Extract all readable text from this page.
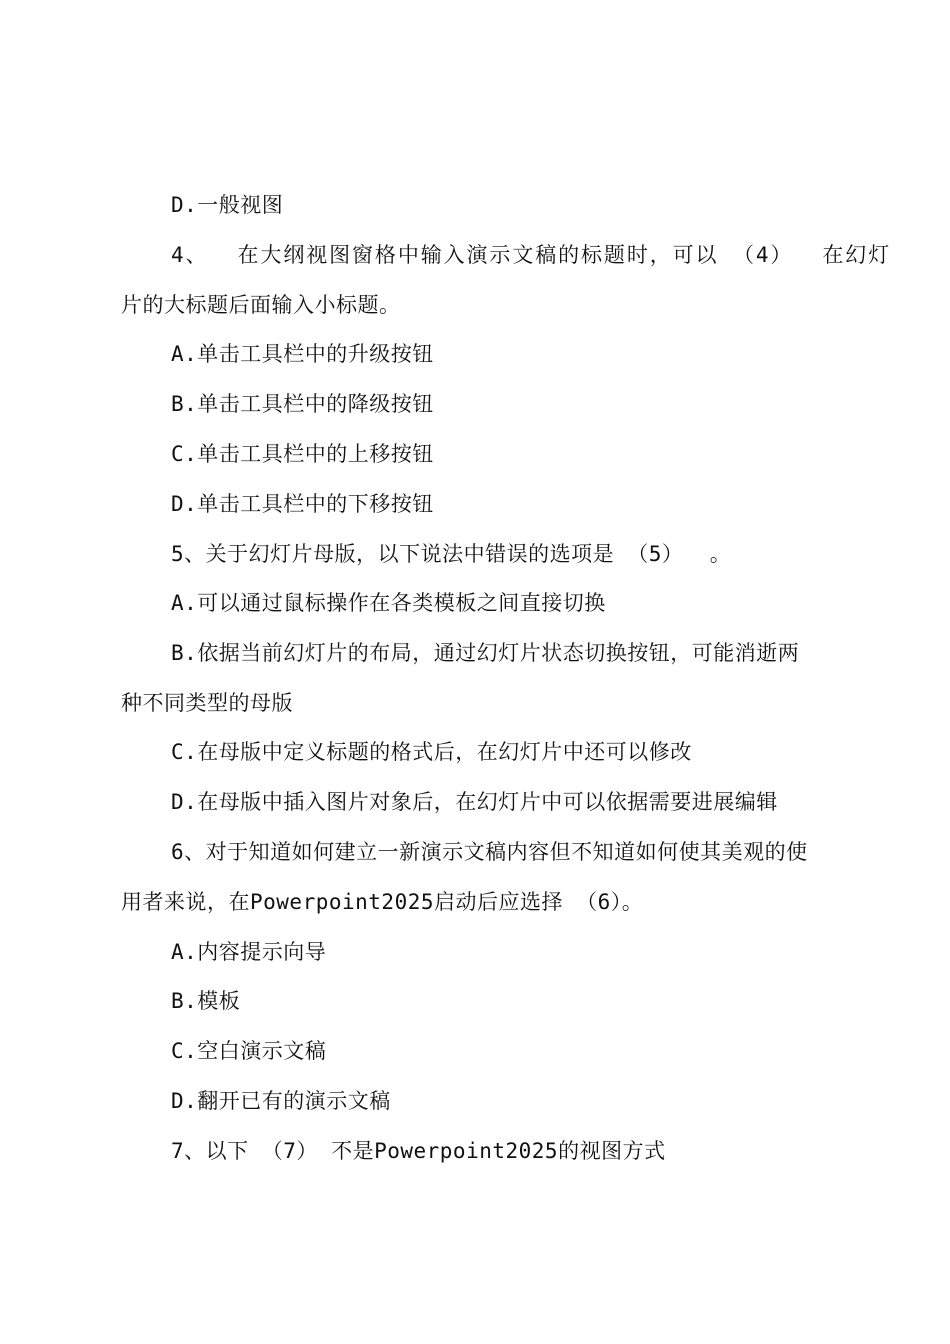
D.一般视图
4、  在大纲视图窗格中输入演示文稿的标题时，可以 （4）  在幻灯
片的大标题后面输入小标题。
A.单击工具栏中的升级按钮
B.单击工具栏中的降级按钮
C.单击工具栏中的上移按钮
D.单击工具栏中的下移按钮
5、关于幻灯片母版，以下说法中错误的选项是 （5）  。
A.可以通过鼠标操作在各类模板之间直接切换
B.依据当前幻灯片的布局，通过幻灯片状态切换按钮，可能消逝两
种不同类型的母版
C.在母版中定义标题的格式后，在幻灯片中还可以修改
D.在母版中插入图片对象后，在幻灯片中可以依据需要进展编辑
6、对于知道如何建立一新演示文稿内容但不知道如何使其美观的使
用者来说，在Powerpoint2025启动后应选择 （6）。
A.内容提示向导
B.模板
C.空白演示文稿
D.翻开已有的演示文稿
7、以下 （7） 不是Powerpoint2025的视图方式
